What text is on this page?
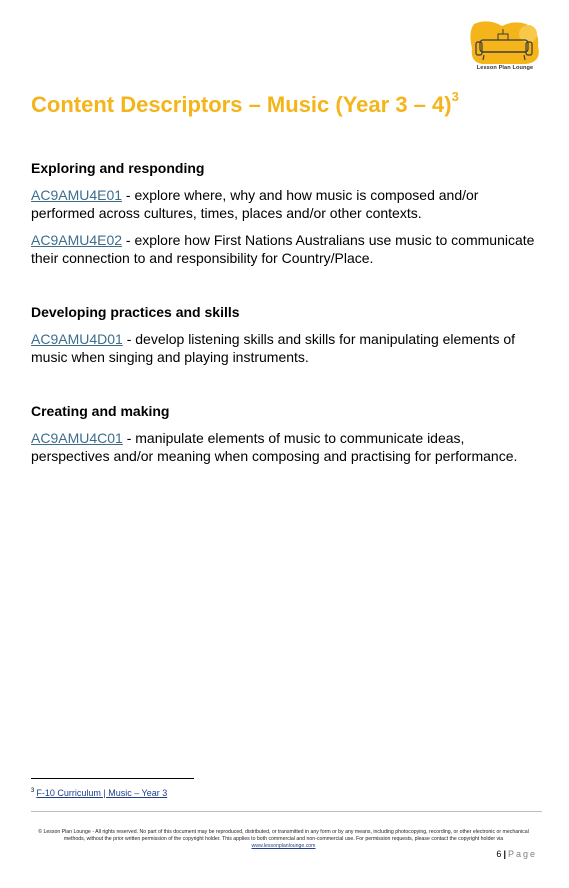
Lesson Plan Lounge
Content Descriptors – Music (Year 3 – 4)$^3$
Exploring and responding

AC9AMU4E01 - explore where, why and how music is composed and/or performed across cultures, times, places and/or other contexts.

AC9AMU4E02 - explore how First Nations Australians use music to communicate their connection to and responsibility for Country/Place.

Developing practices and skills

AC9AMU4D01 - develop listening skills and skills for manipulating elements of music when singing and playing instruments.

Creating and making

AC9AMU4C01 - manipulate elements of music to communicate ideas, perspectives and/or meaning when composing and practising for performance.

$^3$ F-10 Curriculum | Music – Year 3
© Lesson Plan Lounge - All rights reserved. No part of this document may be reproduced, distributed, or transmitted in any form or by any means, including photocopying, recording, or other electronic or mechanical methods, without the prior written permission of the copyright holder. This applies to both commercial and non-commercial use. For permission requests, please contact the copyright holder via
www.lessonplanlounge.com
6 | Page
